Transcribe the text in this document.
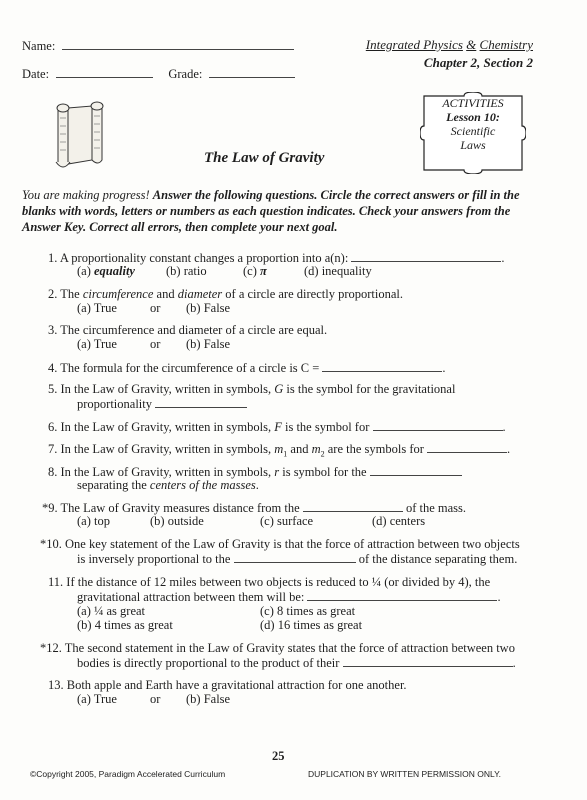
Name:
Date:	Grade:
Integrated Physics & Chemistry
Chapter 2, Section 2
ACTIVITIES
Lesson 10:
Scientific
Laws
The Law of Gravity
You are making progress! Answer the following questions. Circle the correct answers or fill in the blanks with words, letters or numbers as each question indicates. Check your answers from the Answer Key. Correct all errors, then complete your next goal.
1. A proportionality constant changes a proportion into a(n):	.
(a) equality (b) ratio	(c) π	(d) inequality
2. The circumference and diameter of a circle are directly proportional.
(a) True	or (b) False
3. The circumference and diameter of a circle are equal.
(a) True	or (b) False
4. The formula for the circumference of a circle is C =	.
5. In the Law of Gravity, written in symbols, G is the symbol for the gravitational
proportionality
6. In the Law of Gravity, written in symbols, F is the symbol for	.
7. In the Law of Gravity, written in symbols, $m_1$ and $m_2$ are the symbols for	.
8. In the Law of Gravity, written in symbols, r is symbol for the
separating the centers of the masses.
*9. The Law of Gravity measures distance from the	of the mass.
(a) top	(b) outside	(c) surface	(d) centers
*10. One key statement of the Law of Gravity is that the force of attraction between two objects
is inversely proportional to the	of the distance separating them.
11. If the distance of 12 miles between two objects is reduced to ¼ (or divided by 4), the
gravitational attraction between them will be:	.
(a) ¼ as great	(c) 8 times as great
(b) 4 times as great	(d) 16 times as great
*12. The second statement in the Law of Gravity states that the force of attraction between two
bodies is directly proportional to the product of their	.
13. Both apple and Earth have a gravitational attraction for one another.
(a) True	or (b) False
25
©Copyright 2005, Paradigm Accelerated Curriculum	DUPLICATION BY WRITTEN PERMISSION ONLY.
